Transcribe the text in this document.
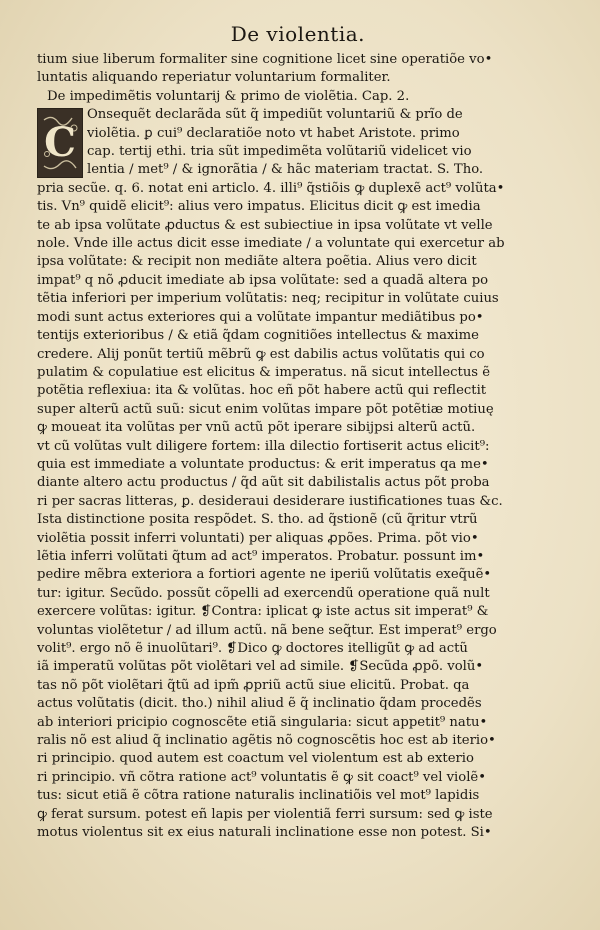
De violentia.
tium siue liberum formaliter sine cognitione licet sine operatiõe vo•
luntatis aliquando reperiatur voluntarium formaliter.
De impedimẽtis voluntarij & primo de violẽtia. Cap. 2.
C
Onsequẽt declarãda sũt q̃ impediũt voluntariũ & prĩo de
violẽtia. ꝑ cui⁹ declaratiõe noto vt habet Aristote. primo
cap. tertij ethi. tria sũt impedimẽta volũtariũ videlicet vio
lentia / met⁹ / & ignorãtia / & hãc materiam tractat. S. Tho.
pria secũe. q. 6. notat eni articlo. 4. illi⁹ q̃stiõis ꝙ duplexẽ act⁹ volũta•
tis. Vn⁹ quidẽ elicit⁹: alius vero impatus. Elicitus dicit ꝙ est imedia
te ab ipsa volũtate ꝓductus & est subiectiue in ipsa volũtate vt velle
nole. Vnde ille actus dicit esse imediate / a voluntate qui exercetur ab
ipsa volũtate: & recipit non mediãte altera poẽtia. Alius vero dicit
impat⁹ q nõ ꝓducit imediate ab ipsa volũtate: sed a quadã altera po
tẽtia inferiori per imperium volũtatis: neq; recipitur in volũtate cuius
modi sunt actus exteriores qui a volũtate impantur mediãtibus po•
tentijs exterioribus / & etiã q̃dam cognitiões intellectus & maxime
credere. Alij ponũt tertiũ mẽbrũ ꝙ est dabilis actus volũtatis qui co
pulatim & copulatiue est elicitus & imperatus. nã sicut intellectus ẽ
potẽtia reflexiua: ita & volũtas. hoc eñ põt habere actũ qui reflectit
super alterũ actũ suũ: sicut enim volũtas impare põt potẽtiæ motiuę
ꝙ moueat ita volũtas per vnũ actũ põt iperare sibijpsi alterũ actũ.
vt cũ volũtas vult diligere fortem: illa dilectio fortiserit actus elicit⁹:
quia est immediate a voluntate productus: & erit imperatus qa me•
diante altero actu productus / q̃d aũt sit dabilistalis actus põt proba
ri per sacras litteras, ꝑ. desideraui desiderare iustificationes tuas &c.
Ista distinctione posita respõdet. S. tho. ad q̃stionẽ (cũ q̃ritur vtrũ
violẽtia possit inferri voluntati) per aliquas ꝓpões. Prima. põt vio•
lẽtia inferri volũtati q̃tum ad act⁹ imperatos. Probatur. possunt im•
pedire mẽbra exteriora a fortiori agente ne iperiũ volũtatis exeq̃uẽ•
tur: igitur. Secũdo. possũt cõpelli ad exercendũ operatione quã nult
exercere volũtas: igitur. ❡Contra: iplicat ꝙ iste actus sit imperat⁹ &
voluntas violẽtetur / ad illum actũ. nã bene seq̃tur. Est imperat⁹ ergo
volit⁹. ergo nõ ẽ inuolũtari⁹. ❡Dico ꝙ doctores itelligũt ꝙ ad actũ
iã imperatũ volũtas põt violẽtari vel ad simile. ❡Secũda ꝓpõ. volũ•
tas nõ põt violẽtari q̃tũ ad ipm̃ ꝓpriũ actũ siue elicitũ. Probat. qa
actus volũtatis (dicit. tho.) nihil aliud ẽ q̃ inclinatio q̃dam procedẽs
ab interiori pricipio cognoscẽte etiã singularia: sicut appetit⁹ natu•
ralis nõ est aliud q̃ inclinatio agẽtis nõ cognoscẽtis hoc est ab iterio•
ri principio. quod autem est coactum vel violentum est ab exterio
ri principio. vñ cõtra ratione act⁹ voluntatis ẽ ꝙ sit coact⁹ vel violẽ•
tus: sicut etiã ẽ cõtra ratione naturalis inclinatiõis vel mot⁹ lapidis
ꝙ ferat sursum. potest eñ lapis per violentiã ferri sursum: sed ꝙ iste
motus violentus sit ex eius naturali inclinatione esse non potest. Si•
